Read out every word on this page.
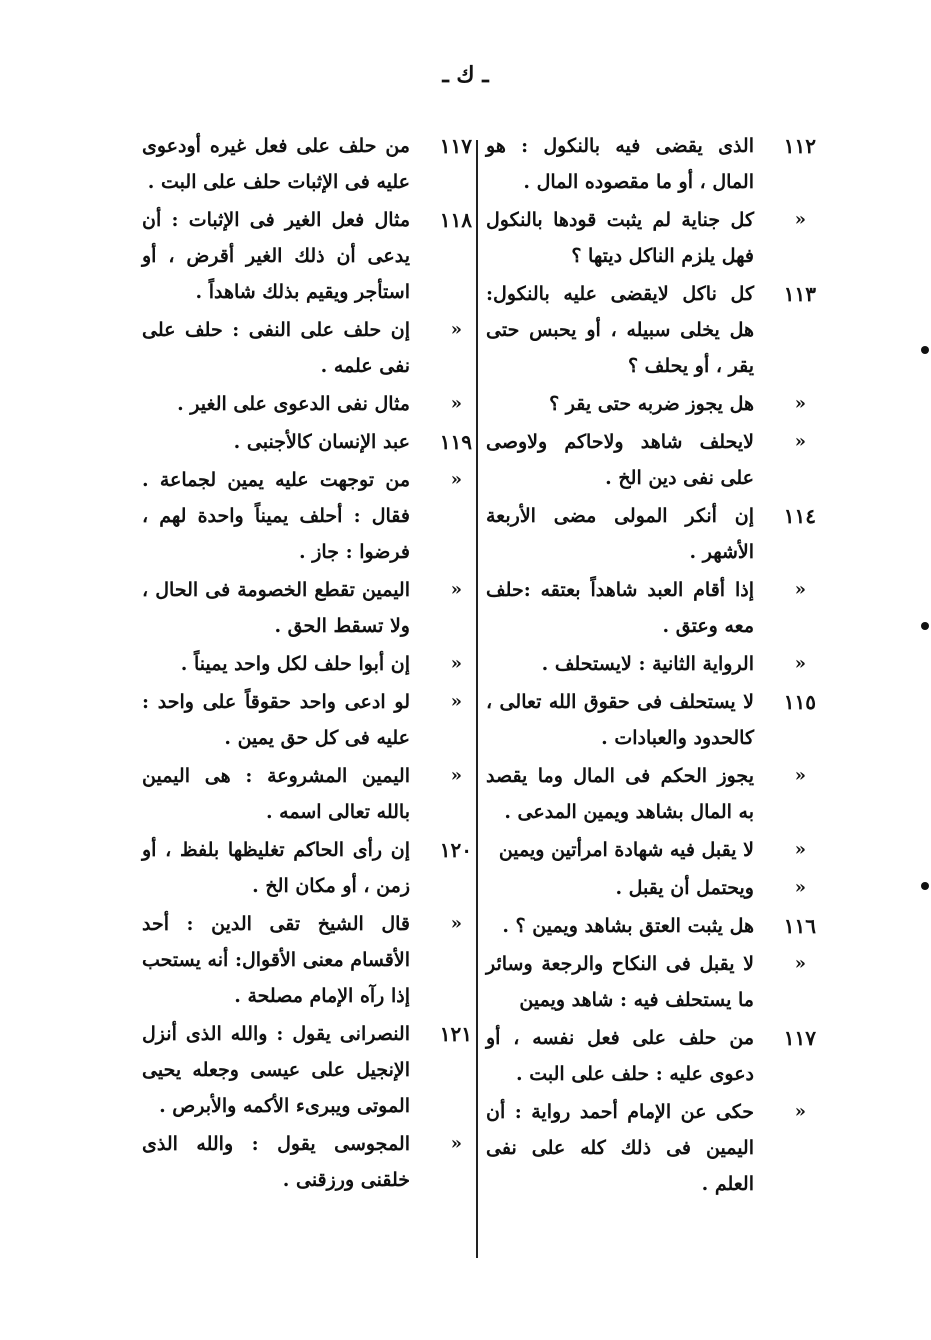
ـ ك ـ
١١٢
الذى يقضى فيه بالنكول : هو المال ، أو ما مقصوده المال .
«
كل جناية لم يثبت قودها بالنكول فهل يلزم الناكل ديتها ؟
١١٣
كل ناكل لايقضى عليه بالنكول: هل يخلى سبيله ، أو يحبس حتى يقر ، أو يحلف ؟
«
هل يجوز ضربه حتى يقر ؟
«
لايحلف شاهد ولاحاكم ولاوصى على نفى دين الخ .
١١٤
إن أنكر المولى مضى الأربعة الأشهر .
«
إذا أقام العبد شاهداً بعتقه :حلف معه وعتق .
«
الرواية الثانية : لايستحلف .
١١٥
لا يستحلف فى حقوق الله تعالى ، كالحدود والعبادات .
«
يجوز الحكم فى المال وما يقصد به المال بشاهد ويمين المدعى .
«
لا يقبل فيه شهادة امرأتين ويمين
«
ويحتمل أن يقبل .
١١٦
هل يثبت العتق بشاهد ويمين ؟ .
«
لا يقبل فى النكاح والرجعة وسائر ما يستحلف فيه : شاهد ويمين
١١٧
من حلف على فعل نفسه ، أو دعوى عليه : حلف على البت .
«
حكى عن الإمام أحمد رواية : أن اليمين فى ذلك كله على نفى العلم .
١١٧
من حلف على فعل غيره أودعوى عليه فى الإثبات حلف على البت .
١١٨
مثال فعل الغير فى الإثبات : أن يدعى أن ذلك الغير أقرض ، أو استأجر ويقيم بذلك شاهداً .
«
إن حلف على النفى : حلف على نفى علمه .
«
مثال نفى الدعوى على الغير .
١١٩
عبد الإنسان كالأجنبى .
«
من توجهت عليه يمين لجماعة . فقال : أحلف يميناً واحدة لهم ، فرضوا : جاز .
«
اليمين تقطع الخصومة فى الحال ، ولا تسقط الحق .
«
إن أبوا حلف لكل واحد يميناً .
«
لو ادعى واحد حقوقاً على واحد : عليه فى كل حق يمين .
«
اليمين المشروعة : هى اليمين بالله تعالى اسمه .
١٢٠
إن رأى الحاكم تغليظها بلفظ ، أو زمن ، أو مكان الخ .
«
قال الشيخ تقى الدين : أحد الأقسام معنى الأقوال: أنه يستحب إذا رآه الإمام مصلحة .
١٢١
النصرانى يقول : والله الذى أنزل الإنجيل على عيسى وجعله يحيى الموتى ويبرىء الأكمه والأبرص .
«
المجوسى يقول : والله الذى خلقنى ورزقنى .
